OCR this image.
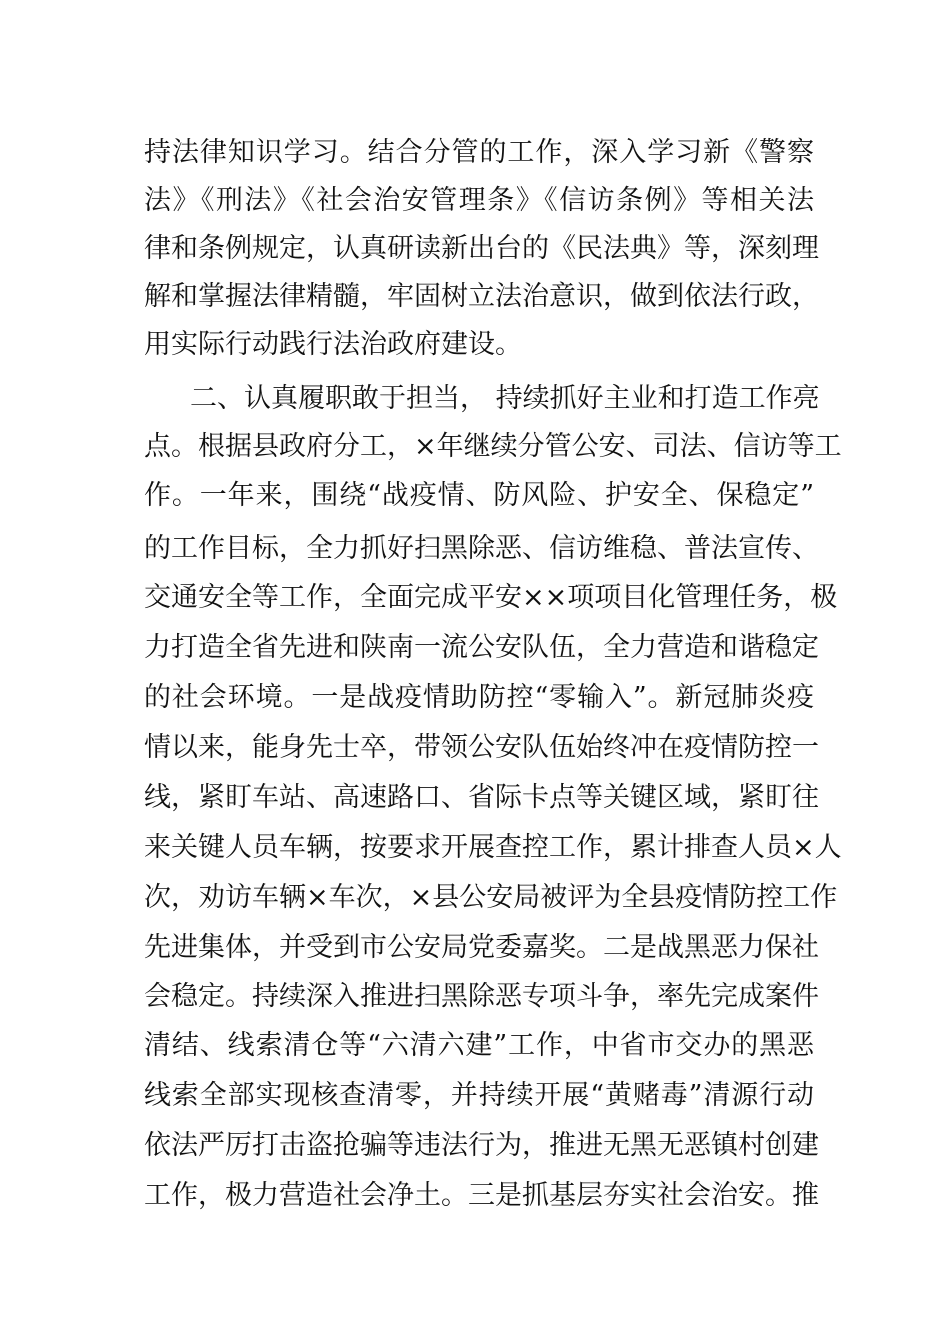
持法律知识学习。结合分管的工作，深入学习新《警察
法》《刑法》《社会治安管理条》《信访条例》等相关法
律和条例规定，认真研读新出台的《民法典》等，深刻理
解和掌握法律精髓，牢固树立法治意识，做到依法行政，
用实际行动践行法治政府建设。
二、认真履职敢于担当， 持续抓好主业和打造工作亮
点。根据县政府分工，×年继续分管公安、司法、信访等工
作。一年来，围绕“战疫情、防风险、护安全、保稳定”
的工作目标，全力抓好扫黑除恶、信访维稳、普法宣传、
交通安全等工作，全面完成平安××项项目化管理任务，极
力打造全省先进和陕南一流公安队伍，全力营造和谐稳定
的社会环境。一是战疫情助防控“零输入”。新冠肺炎疫
情以来，能身先士卒，带领公安队伍始终冲在疫情防控一
线，紧盯车站、高速路口、省际卡点等关键区域，紧盯往
来关键人员车辆，按要求开展查控工作，累计排查人员×人
次，劝访车辆×车次，×县公安局被评为全县疫情防控工作
先进集体，并受到市公安局党委嘉奖。二是战黑恶力保社
会稳定。持续深入推进扫黑除恶专项斗争，率先完成案件
清结、线索清仓等“六清六建”工作，中省市交办的黑恶
线索全部实现核查清零，并持续开展“黄赌毒”清源行动
依法严厉打击盗抢骗等违法行为，推进无黑无恶镇村创建
工作，极力营造社会净土。三是抓基层夯实社会治安。推
